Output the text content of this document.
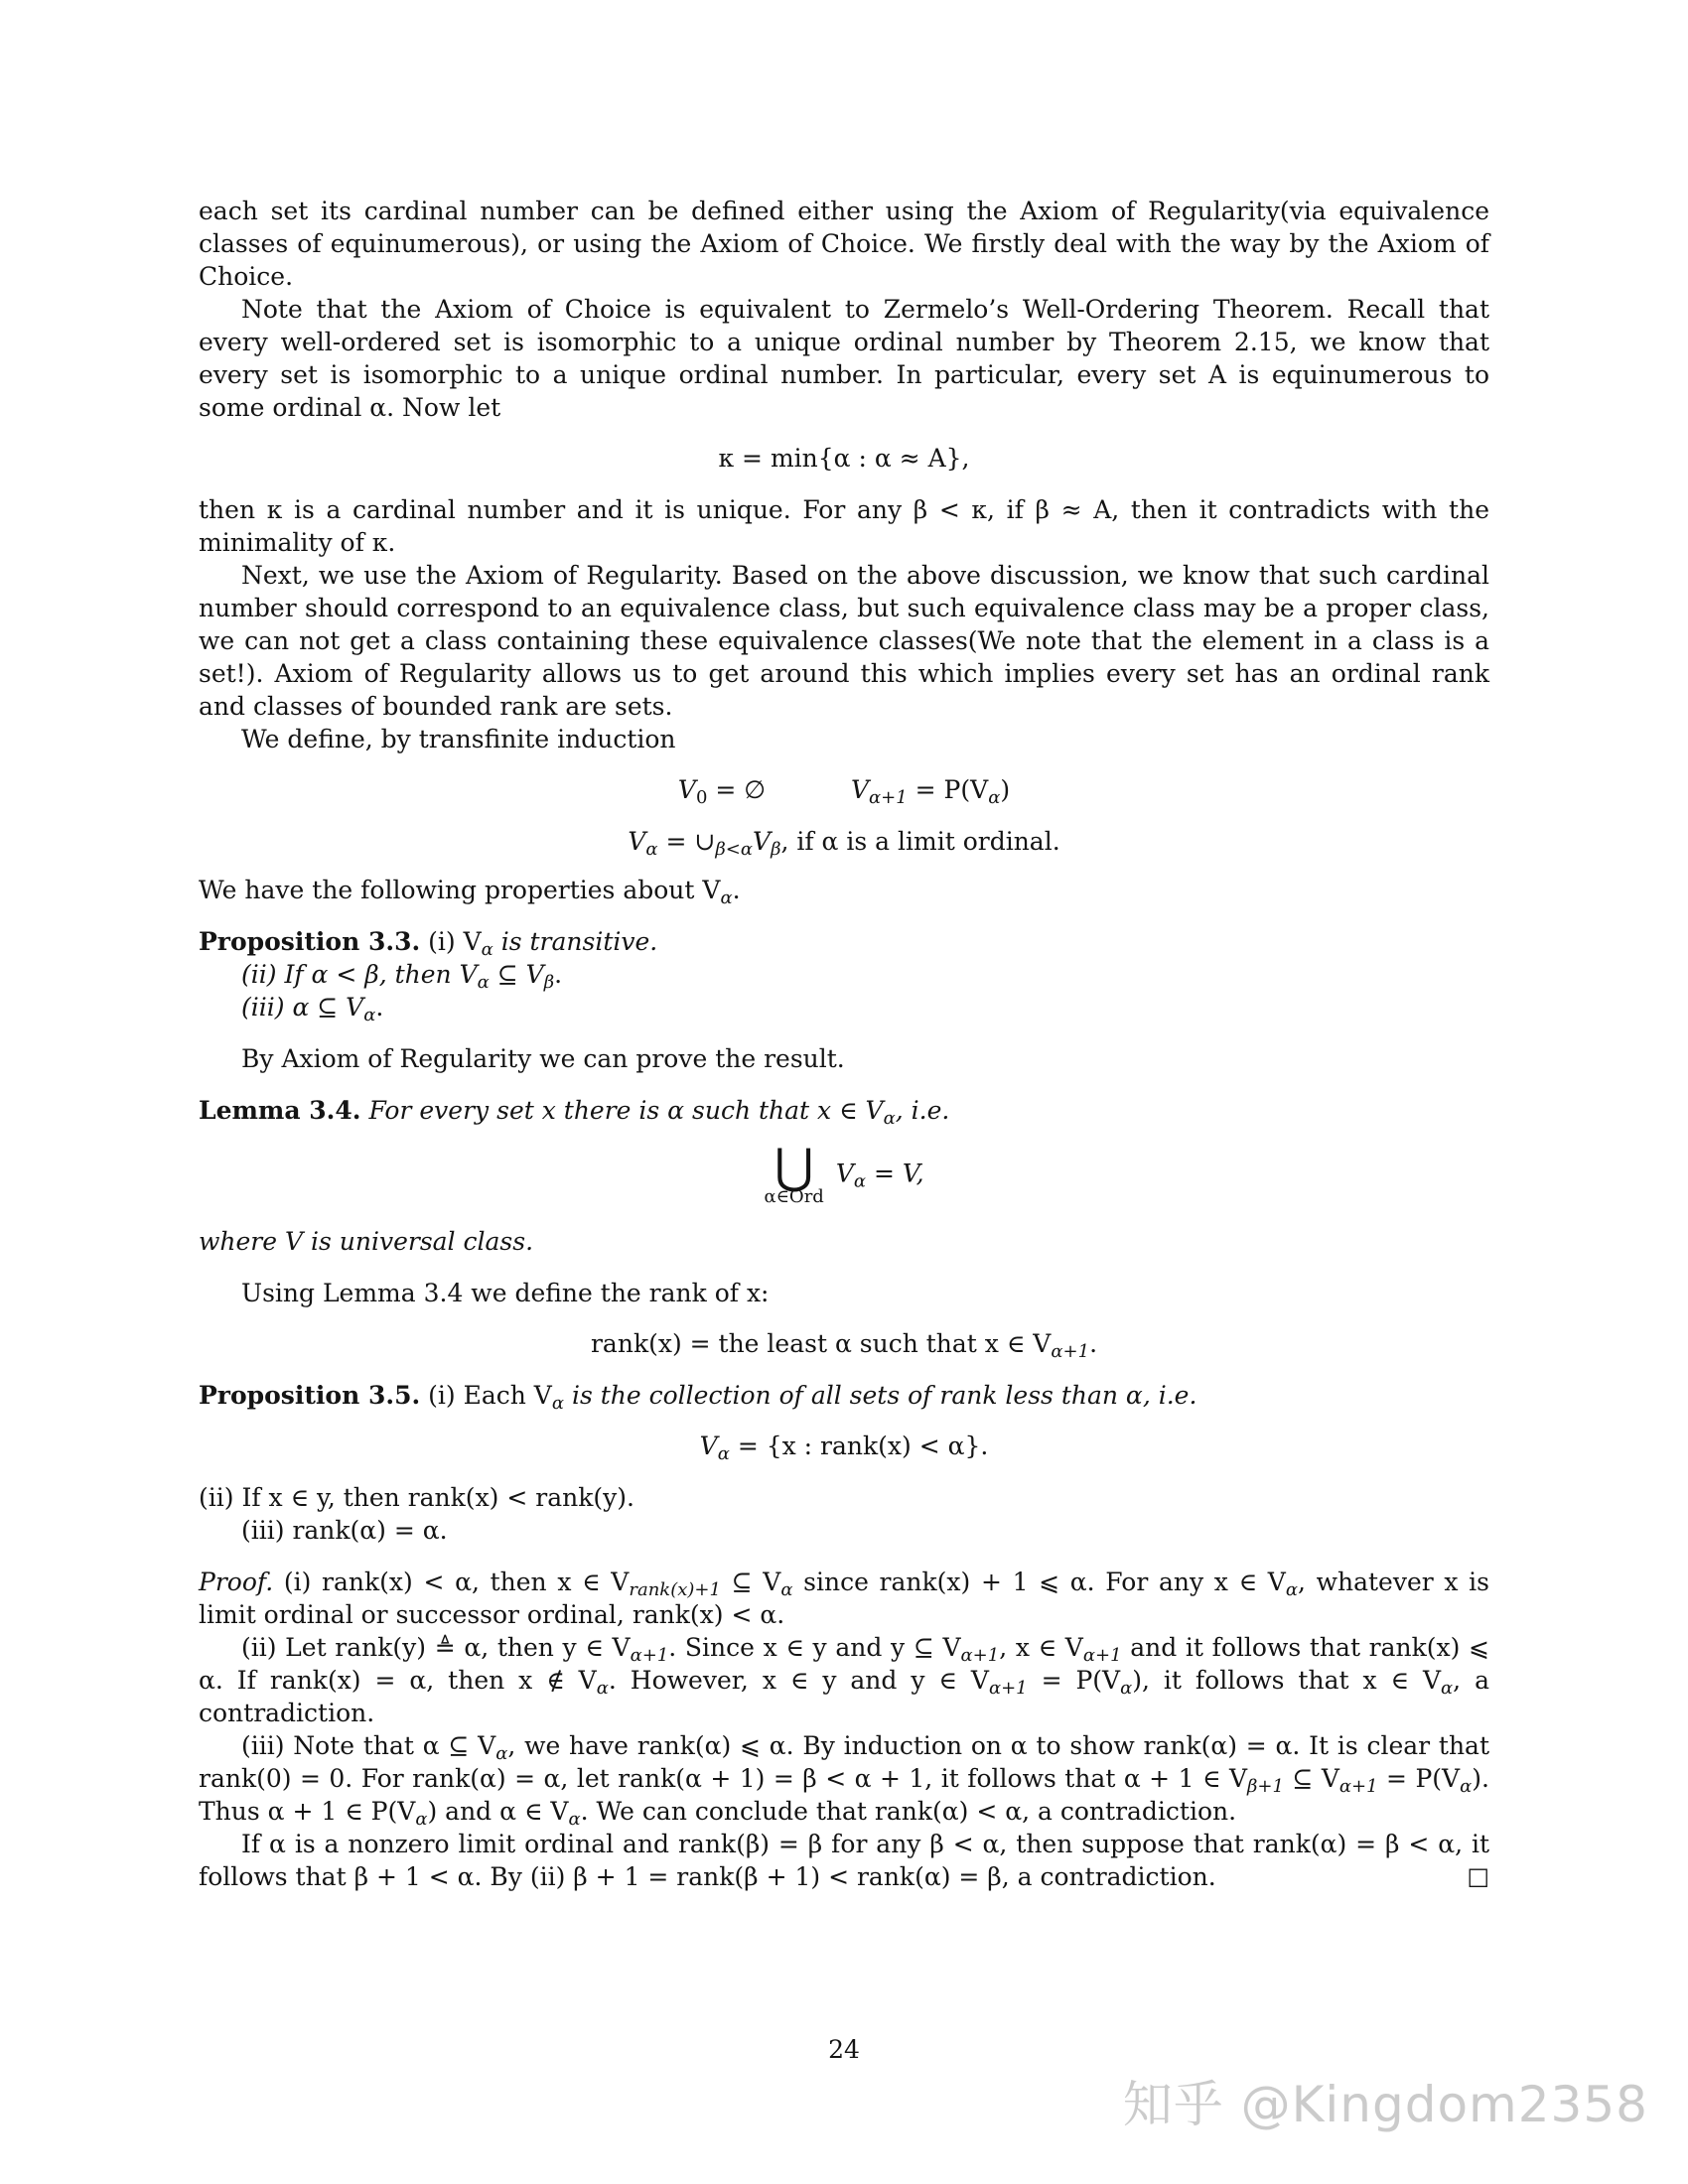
each set its cardinal number can be defined either using the Axiom of Regularity(via equivalence classes of equinumerous), or using the Axiom of Choice. We firstly deal with the way by the Axiom of Choice.

Note that the Axiom of Choice is equivalent to Zermelo’s Well-Ordering Theorem. Recall that every well-ordered set is isomorphic to a unique ordinal number by Theorem 2.15, we know that every set is isomorphic to a unique ordinal number. In particular, every set A is equinumerous to some ordinal α. Now let

κ = min{α : α ≈ A},

then κ is a cardinal number and it is unique. For any β < κ, if β ≈ A, then it contradicts with the minimality of κ.

Next, we use the Axiom of Regularity. Based on the above discussion, we know that such cardinal number should correspond to an equivalence class, but such equivalence class may be a proper class, we can not get a class containing these equivalence classes(We note that the element in a class is a set!). Axiom of Regularity allows us to get around this which implies every set has an ordinal rank and classes of bounded rank are sets.

We define, by transfinite induction

$V_0$ = ∅	$V_{\alpha+1} = P(V_\alpha)$

$V_\alpha$ = $\cup_{\beta<\alpha}V_\beta$, if α is a limit ordinal.

We have the following properties about $V_\alpha$.

Proposition 3.3. (i) $V_\alpha$ is transitive.

(ii) If α < β, then $V_\alpha$ ⊆ $V_\beta$.

(iii) α ⊆ $V_\alpha$.

By Axiom of Regularity we can prove the result.

Lemma 3.4. For every set x there is α such that x ∈ $V_\alpha$, i.e.

⋃
α∈Ord
$V_\alpha = V$,

where V is universal class.

Using Lemma 3.4 we define the rank of x:

rank(x) = the least α such that x ∈ $V_{\alpha+1}$.

Proposition 3.5. (i) Each $V_\alpha$ is the collection of all sets of rank less than α, i.e.

$V_\alpha = \{x$ : rank(x) < α}.

(ii) If x ∈ y, then rank(x) < rank(y).

(iii) rank(α) = α.

Proof. (i) rank(x) < α, then x ∈ $V_{rank(x)+1}$ ⊆ $V_\alpha$ since rank(x) + 1 ⩽ α. For any x ∈ $V_\alpha$, whatever x is limit ordinal or successor ordinal, rank(x) < α.

(ii) Let rank(y) ≜ α, then y ∈ $V_{\alpha+1}$. Since x ∈ y and y ⊆ $V_{\alpha+1}$, x ∈ $V_{\alpha+1}$ and it follows that rank(x) ⩽ α. If rank(x) = α, then x ∉ $V_\alpha$. However, x ∈ y and y ∈ $V_{\alpha+1} = P(V_\alpha)$, it follows that x ∈ $V_\alpha$, a contradiction.

(iii) Note that α ⊆ $V_\alpha$, we have rank(α) ⩽ α. By induction on α to show rank(α) = α. It is clear that rank(0) = 0. For rank(α) = α, let rank(α + 1) = β < α + 1, it follows that α + 1 ∈ $V_{\beta+1}$ ⊆ $V_{\alpha+1} = P(V_\alpha)$. Thus α + 1 ∈ $P(V_\alpha)$ and α ∈ $V_\alpha$. We can conclude that rank(α) < α, a contradiction.

If α is a nonzero limit ordinal and rank(β) = β for any β < α, then suppose that rank(α) = β < α, it follows that β + 1 < α. By (ii) β + 1 = rank(β + 1) < rank(α) = β, a contradiction.	□

24
知乎 @Kingdom2358
